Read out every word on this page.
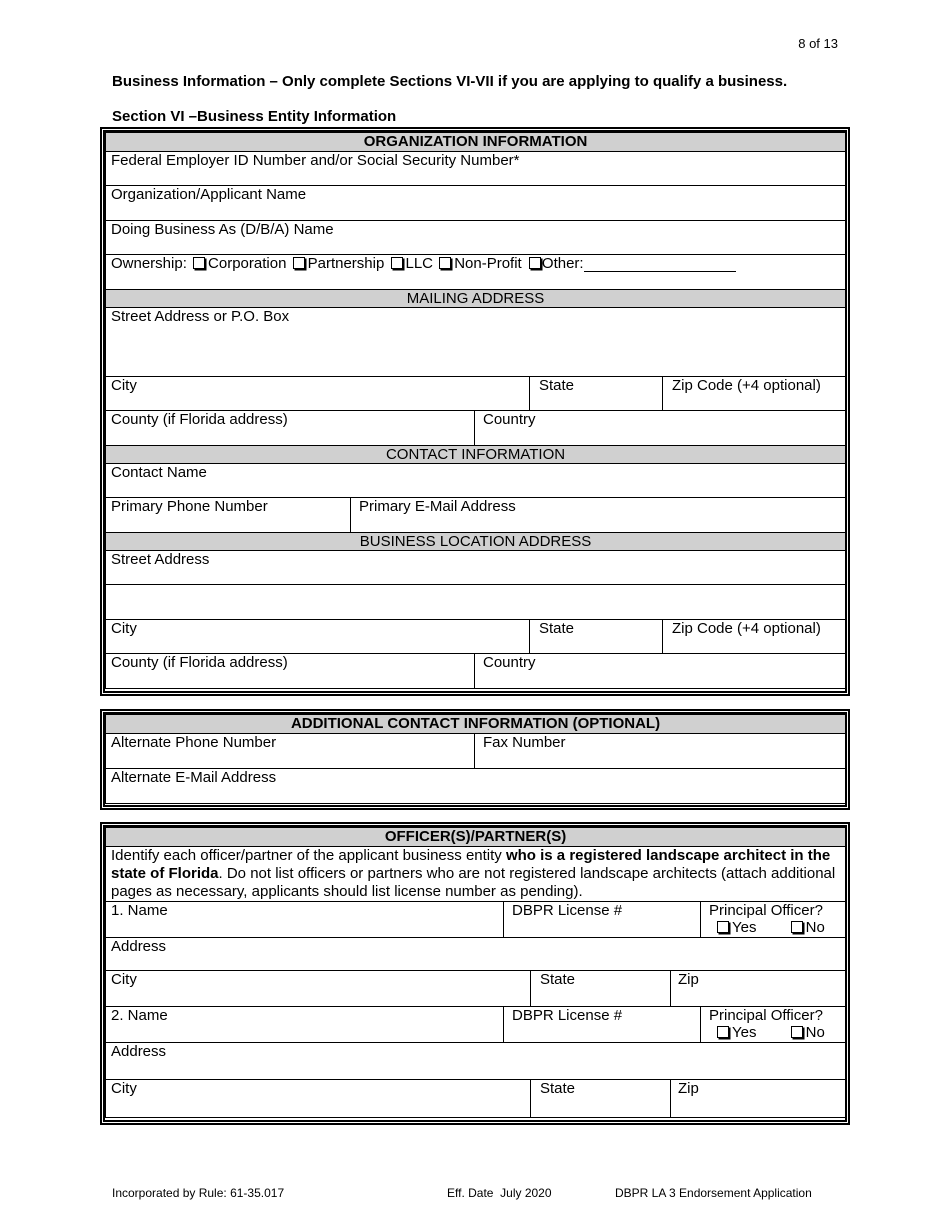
8 of 13
Business Information – Only complete Sections VI-VII if you are applying to qualify a business.
Section VI –Business Entity Information
ORGANIZATION INFORMATION				
Federal Employer ID Number and/or Social Security Number*				
Organization/Applicant Name				
Doing Business As (D/B/A) Name				
Ownership: Corporation Partnership LLC Non-Profit Other:				
MAILING ADDRESS				
Street Address or P.O. Box				

City			State	Zip Code (+4 optional)
County (if Florida address)		Country		
CONTACT INFORMATION				
Contact Name				
Primary Phone Number	Primary E-Mail Address			
BUSINESS LOCATION ADDRESS				
Street Address				

City			State	Zip Code (+4 optional)
County (if Florida address)		Country		
ADDITIONAL CONTACT INFORMATION (OPTIONAL)
Alternate Phone Number	Fax Number
Alternate E-Mail Address
OFFICER(S)/PARTNER(S)				
Identify each officer/partner of the applicant business entity who is a registered landscape architect in the state of Florida. Do not list officers or partners who are not registered landscape architects (attach additional pages as necessary, applicants should list license number as pending).				
1. Name	DBPR License #			Principal Officer?
Yes No

Address				
City		State	Zip	
2. Name	DBPR License #			Principal Officer?
Yes No

Address				
City		State	Zip	
Incorporated by Rule: 61-35.017	Eff. Date  July 2020	DBPR LA 3 Endorsement Application
